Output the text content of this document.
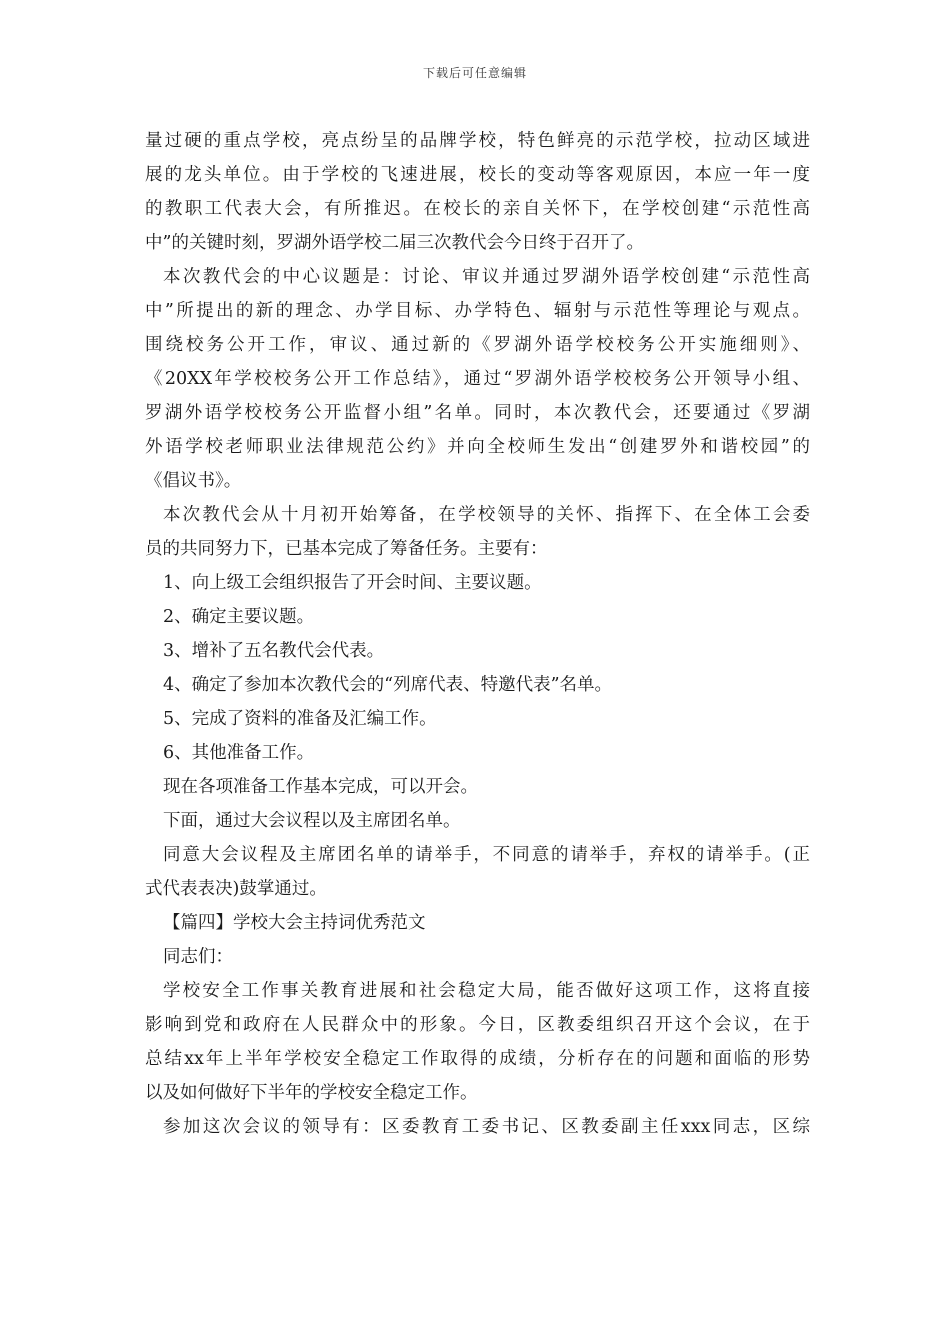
下载后可任意编辑
量过硬的重点学校，亮点纷呈的品牌学校，特色鲜亮的示范学校，拉动区域进
展的龙头单位。由于学校的飞速进展，校长的变动等客观原因，本应一年一度
的教职工代表大会，有所推迟。在校长的亲自关怀下，在学校创建“示范性高
中”的关键时刻，罗湖外语学校二届三次教代会今日终于召开了。
本次教代会的中心议题是：讨论、审议并通过罗湖外语学校创建“示范性高
中”所提出的新的理念、办学目标、办学特色、辐射与示范性等理论与观点。
围绕校务公开工作，审议、通过新的《罗湖外语学校校务公开实施细则》、
《20XX年学校校务公开工作总结》，通过“罗湖外语学校校务公开领导小组、
罗湖外语学校校务公开监督小组”名单。同时，本次教代会，还要通过《罗湖
外语学校老师职业法律规范公约》并向全校师生发出“创建罗外和谐校园”的
《倡议书》。
本次教代会从十月初开始筹备，在学校领导的关怀、指挥下、在全体工会委
员的共同努力下，已基本完成了筹备任务。主要有：
1、向上级工会组织报告了开会时间、主要议题。
2、确定主要议题。
3、增补了五名教代会代表。
4、确定了参加本次教代会的“列席代表、特邀代表”名单。
5、完成了资料的准备及汇编工作。
6、其他准备工作。
现在各项准备工作基本完成，可以开会。
下面，通过大会议程以及主席团名单。
同意大会议程及主席团名单的请举手，不同意的请举手，弃权的请举手。(正
式代表表决)鼓掌通过。
【篇四】学校大会主持词优秀范文
同志们：
学校安全工作事关教育进展和社会稳定大局，能否做好这项工作，这将直接
影响到党和政府在人民群众中的形象。今日，区教委组织召开这个会议，在于
总结xx年上半年学校安全稳定工作取得的成绩，分析存在的问题和面临的形势
以及如何做好下半年的学校安全稳定工作。
参加这次会议的领导有：区委教育工委书记、区教委副主任xxx同志，区综
